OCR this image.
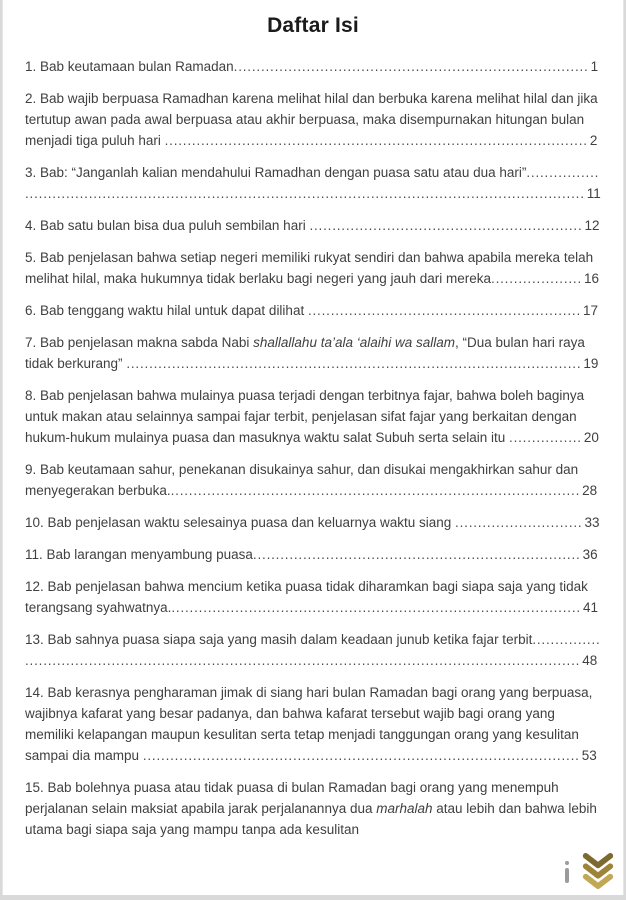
Daftar Isi

1. Bab keutamaan bulan Ramadan​.​.​.​.​.​.​.​.​.​.​.​.​.​.​.​.​.​.​.​.​.​.​.​.​.​.​.​.​.​.​.​.​.​.​.​.​.​.​.​.​.​.​.​.​.​.​.​.​.​.​.​.​.​.​.​.​.​.​.​.​.​.​.​.​.​.​.​.​.​.​.​.​.​.​.​.​.​.​ 1

2. Bab wajib berpuasa Ramadhan karena melihat hilal dan berbuka karena melihat hilal dan jika tertutup awan pada awal berpuasa atau akhir berpuasa, maka disempurnakan hitungan bulan menjadi tiga puluh hari ​.​.​.​.​.​.​.​.​.​.​.​.​.​.​.​.​.​.​.​.​.​.​.​.​.​.​.​.​.​.​.​.​.​.​.​.​.​.​.​.​.​.​.​.​.​.​.​.​.​.​.​.​.​.​.​.​.​.​.​.​.​.​.​.​.​.​.​.​.​.​.​.​.​.​.​.​.​.​.​.​.​.​.​.​.​.​.​.​.​.​.​.​.​ 2

3. Bab: “Janganlah kalian mendahului Ramadhan dengan puasa satu atau dua hari”​.​.​.​.​.​.​.​.​.​.​.​.​.​.​.​.​.​.​.​.​.​.​.​.​.​.​.​.​.​.​.​.​.​.​.​.​.​.​.​.​.​.​.​.​.​.​.​.​.​.​.​.​.​.​.​.​.​.​.​.​.​.​.​.​.​.​.​.​.​.​.​.​.​.​.​.​.​.​.​.​.​.​.​.​.​.​.​.​.​.​.​.​.​.​.​.​.​.​.​.​.​.​.​.​.​.​.​.​.​.​.​.​.​.​.​.​.​.​.​.​.​.​.​.​.​.​.​.​.​.​.​.​.​.​.​.​.​.​.​ 11

4. Bab satu bulan bisa dua puluh sembilan hari ​.​.​.​.​.​.​.​.​.​.​.​.​.​.​.​.​.​.​.​.​.​.​.​.​.​.​.​.​.​.​.​.​.​.​.​.​.​.​.​.​.​.​.​.​.​.​.​.​.​.​.​.​.​.​.​.​.​.​.​.​ 12

5. Bab penjelasan bahwa setiap negeri memiliki rukyat sendiri dan bahwa apabila mereka telah melihat hilal, maka hukumnya tidak berlaku bagi negeri yang jauh dari mereka​.​.​.​.​.​.​.​.​.​.​.​.​.​.​.​.​.​.​.​.​ 16

6. Bab tenggang waktu hilal untuk dapat dilihat ​.​.​.​.​.​.​.​.​.​.​.​.​.​.​.​.​.​.​.​.​.​.​.​.​.​.​.​.​.​.​.​.​.​.​.​.​.​.​.​.​.​.​.​.​.​.​.​.​.​.​.​.​.​.​.​.​.​.​.​.​ 17

7. Bab penjelasan makna sabda Nabi shallallahu ta’ala ‘alaihi wa sallam, “Dua bulan hari raya tidak berkurang” ​.​.​.​.​.​.​.​.​.​.​.​.​.​.​.​.​.​.​.​.​.​.​.​.​.​.​.​.​.​.​.​.​.​.​.​.​.​.​.​.​.​.​.​.​.​.​.​.​.​.​.​.​.​.​.​.​.​.​.​.​.​.​.​.​.​.​.​.​.​.​.​.​.​.​.​.​.​.​.​.​.​.​.​.​.​.​.​.​.​.​.​.​.​.​.​.​.​.​.​.​ 19

8. Bab penjelasan bahwa mulainya puasa terjadi dengan terbitnya fajar, bahwa boleh baginya untuk makan atau selainnya sampai fajar terbit, penjelasan sifat fajar yang berkaitan dengan hukum-hukum mulainya puasa dan masuknya waktu salat Subuh serta selain itu ​.​.​.​.​.​.​.​.​.​.​.​.​.​.​.​.​ 20

9. Bab keutamaan sahur, penekanan disukainya sahur, dan disukai mengakhirkan sahur dan menyegerakan berbuka.​.​.​.​.​.​.​.​.​.​.​.​.​.​.​.​.​.​.​.​.​.​.​.​.​.​.​.​.​.​.​.​.​.​.​.​.​.​.​.​.​.​.​.​.​.​.​.​.​.​.​.​.​.​.​.​.​.​.​.​.​.​.​.​.​.​.​.​.​.​.​.​.​.​.​.​.​.​.​.​.​.​.​.​.​.​.​.​.​.​.​ 28

10. Bab penjelasan waktu selesainya puasa dan keluarnya waktu siang ​.​.​.​.​.​.​.​.​.​.​.​.​.​.​.​.​.​.​.​.​.​.​.​.​.​.​.​.​ 33

11. Bab larangan menyambung puasa​.​.​.​.​.​.​.​.​.​.​.​.​.​.​.​.​.​.​.​.​.​.​.​.​.​.​.​.​.​.​.​.​.​.​.​.​.​.​.​.​.​.​.​.​.​.​.​.​.​.​.​.​.​.​.​.​.​.​.​.​.​.​.​.​.​.​.​.​.​.​.​.​ 36

12. Bab penjelasan bahwa mencium ketika puasa tidak diharamkan bagi siapa saja yang tidak terangsang syahwatnya.​.​.​.​.​.​.​.​.​.​.​.​.​.​.​.​.​.​.​.​.​.​.​.​.​.​.​.​.​.​.​.​.​.​.​.​.​.​.​.​.​.​.​.​.​.​.​.​.​.​.​.​.​.​.​.​.​.​.​.​.​.​.​.​.​.​.​.​.​.​.​.​.​.​.​.​.​.​.​.​.​.​.​.​.​.​.​.​.​.​.​ 41

13. Bab sahnya puasa siapa saja yang masih dalam keadaan junub ketika fajar terbit​.​.​.​.​.​.​.​.​.​.​.​.​.​.​.​.​.​.​.​.​.​.​.​.​.​.​.​.​.​.​.​.​.​.​.​.​.​.​.​.​.​.​.​.​.​.​.​.​.​.​.​.​.​.​.​.​.​.​.​.​.​.​.​.​.​.​.​.​.​.​.​.​.​.​.​.​.​.​.​.​.​.​.​.​.​.​.​.​.​.​.​.​.​.​.​.​.​.​.​.​.​.​.​.​.​.​.​.​.​.​.​.​.​.​.​.​.​.​.​.​.​.​.​.​.​.​.​.​.​.​.​.​.​.​.​.​.​ 48

14. Bab kerasnya pengharaman jimak di siang hari bulan Ramadan bagi orang yang berpuasa, wajibnya kafarat yang besar padanya, dan bahwa kafarat tersebut wajib bagi orang yang memiliki kelapangan maupun kesulitan serta tetap menjadi tanggungan orang yang kesulitan sampai dia mampu ​.​.​.​.​.​.​.​.​.​.​.​.​.​.​.​.​.​.​.​.​.​.​.​.​.​.​.​.​.​.​.​.​.​.​.​.​.​.​.​.​.​.​.​.​.​.​.​.​.​.​.​.​.​.​.​.​.​.​.​.​.​.​.​.​.​.​.​.​.​.​.​.​.​.​.​.​.​.​.​.​.​.​.​.​.​.​.​.​.​.​.​.​.​.​.​.​ 53

15. Bab bolehnya puasa atau tidak puasa di bulan Ramadan bagi orang yang menempuh perjalanan selain maksiat apabila jarak perjalanannya dua marhalah atau lebih dan bahwa lebih utama bagi siapa saja yang mampu tanpa ada kesulitan
